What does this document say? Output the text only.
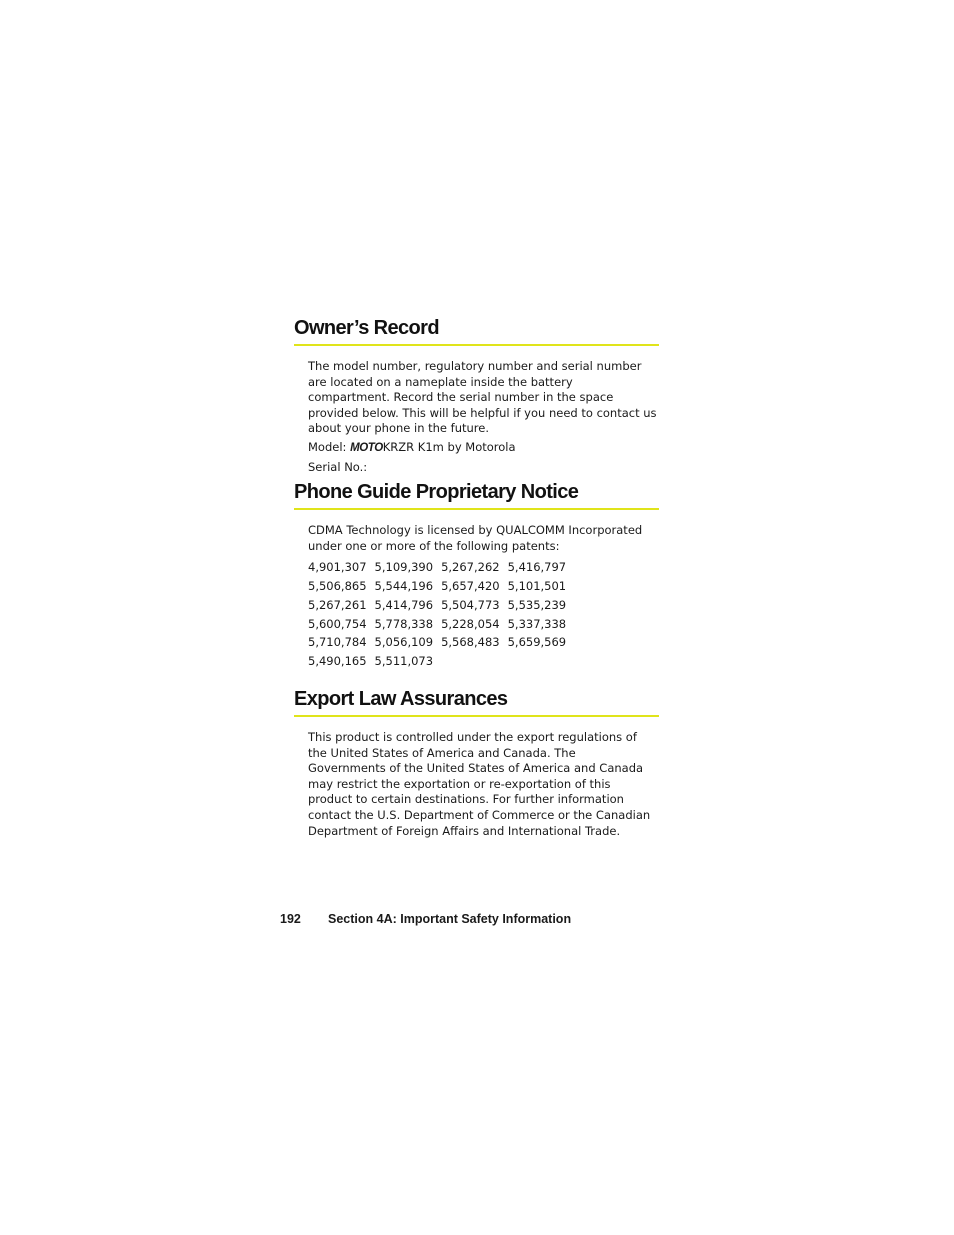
Owner’s Record

The model number, regulatory number and serial number are located on a nameplate inside the battery compartment. Record the serial number in the space provided below. This will be helpful if you need to contact us about your phone in the future.

Model: MOTOKRZR K1m by Motorola

Serial No.:

Phone Guide Proprietary Notice

CDMA Technology is licensed by QUALCOMM Incorporated under one or more of the following patents:

4,901,307 5,109,390 5,267,262 5,416,797
5,506,865 5,544,196 5,657,420 5,101,501
5,267,261 5,414,796 5,504,773 5,535,239
5,600,754 5,778,338 5,228,054 5,337,338
5,710,784 5,056,109 5,568,483 5,659,569
5,490,165 5,511,073
Export Law Assurances

This product is controlled under the export regulations of the United States of America and Canada. The Governments of the United States of America and Canada may restrict the exportation or re-exportation of this product to certain destinations. For further information contact the U.S. Department of Commerce or the Canadian Department of Foreign Affairs and International Trade.

192 Section 4A: Important Safety Information
